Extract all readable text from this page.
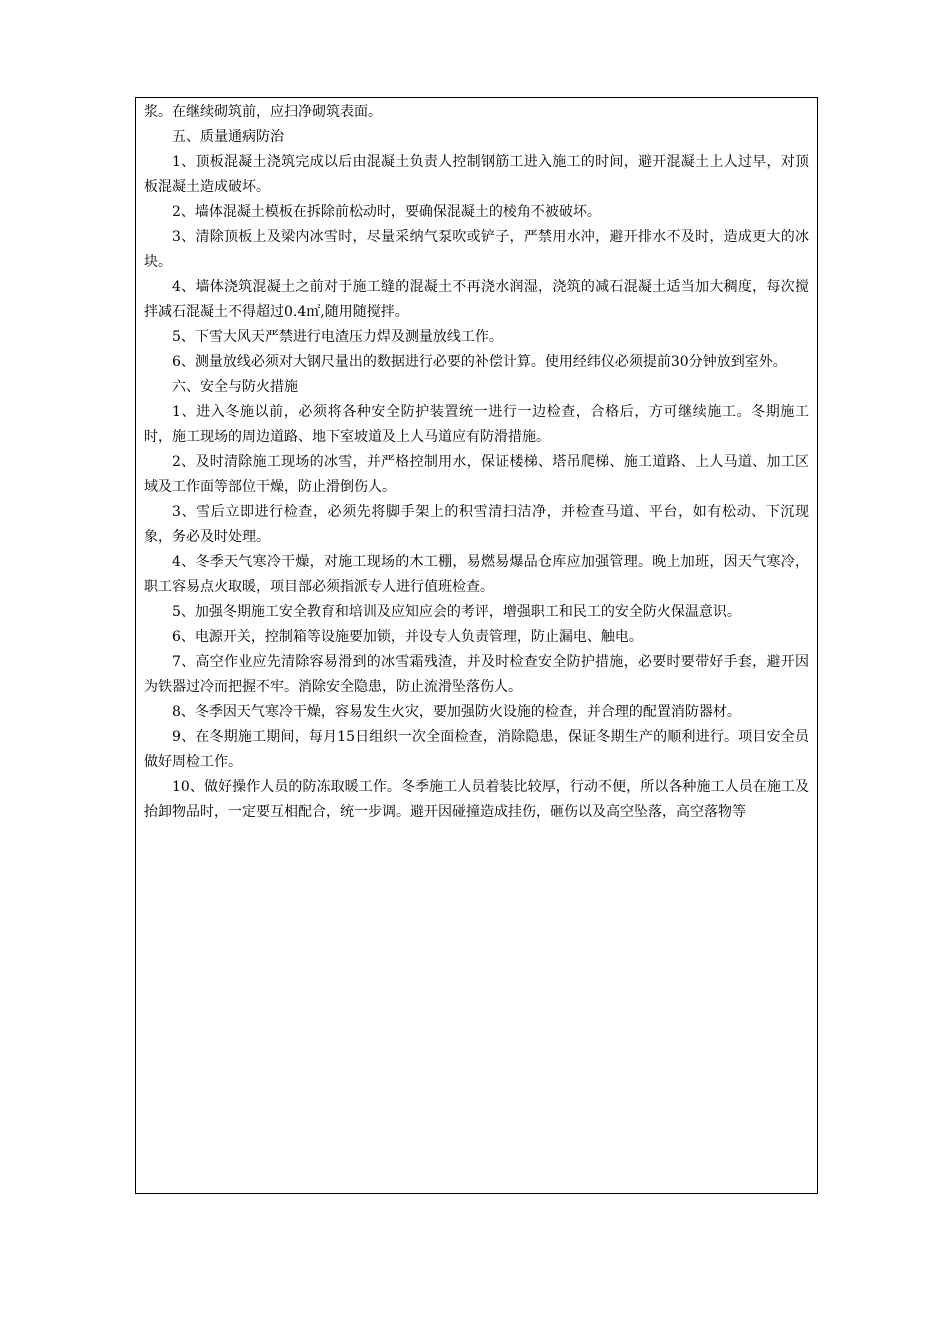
浆。在继续砌筑前，应扫净砌筑表面。

五、质量通病防治

1、顶板混凝土浇筑完成以后由混凝土负责人控制钢筋工进入施工的时间，避开混凝土上人过早，对顶板混凝土造成破坏。

2、墙体混凝土模板在拆除前松动时，要确保混凝土的棱角不被破坏。

3、清除顶板上及梁内冰雪时，尽量采纳气泵吹或铲子，严禁用水冲，避开排水不及时，造成更大的冰块。

4、墙体浇筑混凝土之前对于施工缝的混凝土不再浇水润湿，浇筑的减石混凝土适当加大稠度，每次搅拌减石混凝土不得超过0.4㎡,随用随搅拌。

5、下雪大风天严禁进行电渣压力焊及测量放线工作。

6、测量放线必须对大钢尺量出的数据进行必要的补偿计算。使用经纬仪必须提前30分钟放到室外。

六、安全与防火措施

1、进入冬施以前，必须将各种安全防护装置统一进行一边检查，合格后，方可继续施工。冬期施工时，施工现场的周边道路、地下室坡道及上人马道应有防滑措施。

2、及时清除施工现场的冰雪，并严格控制用水，保证楼梯、塔吊爬梯、施工道路、上人马道、加工区域及工作面等部位干燥，防止滑倒伤人。

3、雪后立即进行检查，必须先将脚手架上的积雪清扫洁净，并检查马道、平台，如有松动、下沉现象，务必及时处理。

4、冬季天气寒冷干燥，对施工现场的木工棚，易燃易爆品仓库应加强管理。晚上加班，因天气寒冷，职工容易点火取暖，项目部必须指派专人进行值班检查。

5、加强冬期施工安全教育和培训及应知应会的考评，增强职工和民工的安全防火保温意识。

6、电源开关，控制箱等设施要加锁，并设专人负责管理，防止漏电、触电。

7、高空作业应先清除容易滑到的冰雪霜残渣，并及时检查安全防护措施，必要时要带好手套，避开因为铁器过冷而把握不牢。消除安全隐患，防止流滑坠落伤人。

8、冬季因天气寒冷干燥，容易发生火灾，要加强防火设施的检查，并合理的配置消防器材。

9、在冬期施工期间，每月15日组织一次全面检查，消除隐患，保证冬期生产的顺利进行。项目安全员做好周检工作。

10、做好操作人员的防冻取暖工作。冬季施工人员着装比较厚，行动不便，所以各种施工人员在施工及抬卸物品时，一定要互相配合，统一步调。避开因碰撞造成挂伤，砸伤以及高空坠落，高空落物等
